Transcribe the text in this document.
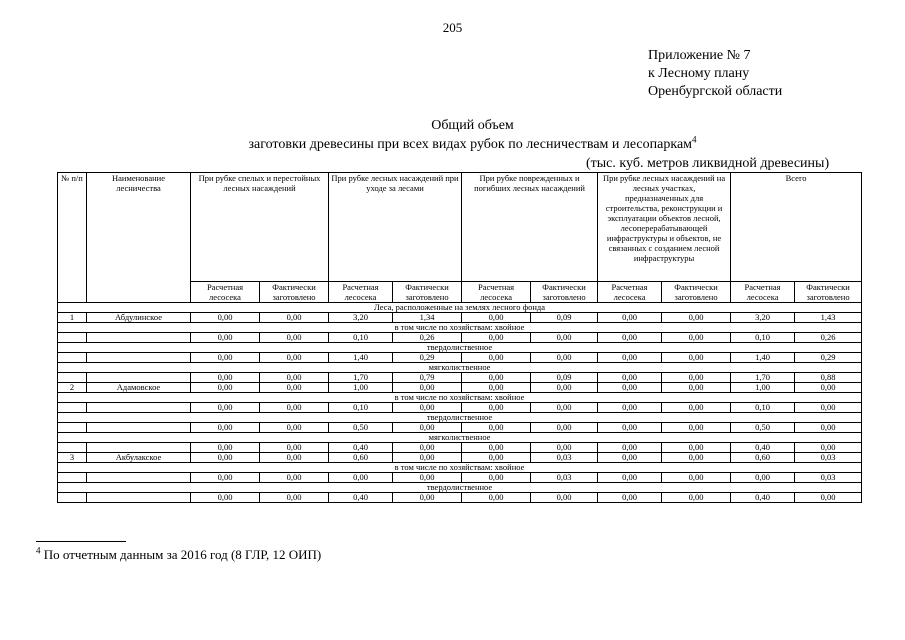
205
Приложение № 7
к Лесному плану
Оренбургской области
Общий объем
заготовки древесины при всех видах рубок по лесничествам и лесопаркам$^4$
(тыс. куб. метров ликвидной древесины)
№ п/п	Наименование лесничества	При рубке спелых и перестойных лесных насаждений		При рубке лесных насаждений при уходе за лесами		При рубке поврежденных и погибших лесных насаждений		При рубке лесных насаждений на лесных участках, предназначенных для строительства, реконструкции и эксплуатации объектов лесной, лесоперерабатывающей инфраструктуры и объектов, не связанных с созданием лесной инфраструктуры		Всего	
		Расчетная лесосека	Фактически заготовлено	Расчетная лесосека	Фактически заготовлено	Расчетная лесосека	Фактически заготовлено	Расчетная лесосека	Фактически заготовлено	Расчетная лесосека	Фактически заготовлено
Леса, расположенные на землях лесного фонда											
1	Абдулинское	0,00	0,00	3,20	1,34	0,00	0,09	0,00	0,00	3,20	1,43
в том числе по хозяйствам: хвойное											
		0,00	0,00	0,10	0,26	0,00	0,00	0,00	0,00	0,10	0,26
твердолиственное											
		0,00	0,00	1,40	0,29	0,00	0,00	0,00	0,00	1,40	0,29
мягколиственное											
		0,00	0,00	1,70	0,79	0,00	0,09	0,00	0,00	1,70	0,88
2	Адамовское	0,00	0,00	1,00	0,00	0,00	0,00	0,00	0,00	1,00	0,00
в том числе по хозяйствам: хвойное											
		0,00	0,00	0,10	0,00	0,00	0,00	0,00	0,00	0,10	0,00
твердолиственное											
		0,00	0,00	0,50	0,00	0,00	0,00	0,00	0,00	0,50	0,00
мягколиственное											
		0,00	0,00	0,40	0,00	0,00	0,00	0,00	0,00	0,40	0,00
3	Акбулакское	0,00	0,00	0,60	0,00	0,00	0,03	0,00	0,00	0,60	0,03
в том числе по хозяйствам: хвойное											
		0,00	0,00	0,00	0,00	0,00	0,03	0,00	0,00	0,00	0,03
твердолиственное											
		0,00	0,00	0,40	0,00	0,00	0,00	0,00	0,00	0,40	0,00
$^4$ По отчетным данным за 2016 год (8 ГЛР, 12 ОИП)
